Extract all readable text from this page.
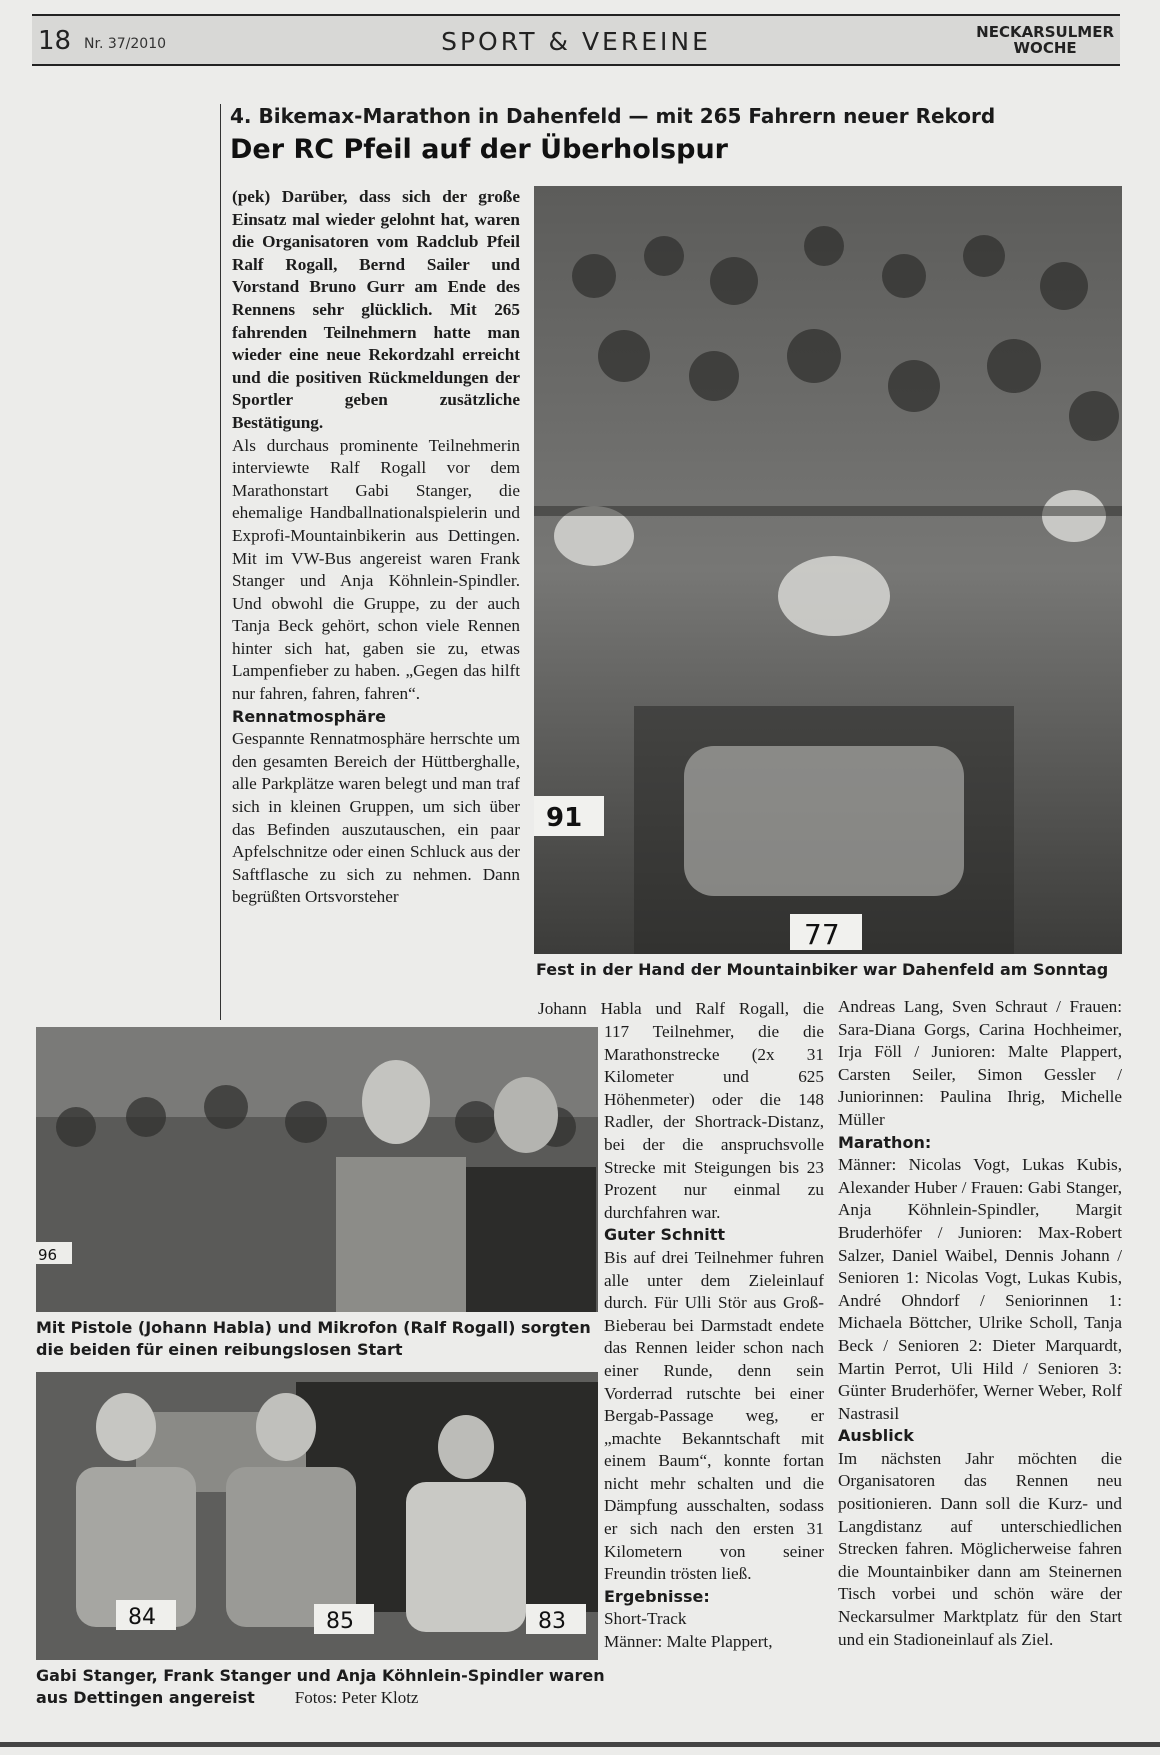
18 Nr. 37/2010	SPORT & VEREINE	NECKARSULMER
WOCHE
4. Bikemax-Marathon in Dahenfeld — mit 265 Fahrern neuer Rekord
Der RC Pfeil auf der Überholspur
(pek) Darüber, dass sich der große Einsatz mal wieder gelohnt hat, waren die Organisatoren vom Radclub Pfeil Ralf Rogall, Bernd Sailer und Vorstand Bruno Gurr am Ende des Rennens sehr glücklich. Mit 265 fahrenden Teilnehmern hatte man wieder eine neue Rekordzahl erreicht und die positiven Rückmeldungen der Sportler geben zusätzliche Bestätigung.
Als durchaus prominente Teilnehmerin interviewte Ralf Rogall vor dem Marathonstart Gabi Stanger, die ehemalige Handballnationalspielerin und Exprofi-Mountainbikerin aus Dettingen. Mit im VW-Bus angereist waren Frank Stanger und Anja Köhnlein-Spindler. Und obwohl die Gruppe, zu der auch Tanja Beck gehört, schon viele Rennen hinter sich hat, gaben sie zu, etwas Lampenfieber zu haben. „Gegen das hilft nur fahren, fahren, fahren“.
Rennatmosphäre
Gespannte Rennatmosphäre herrschte um den gesamten Bereich der Hüttberghalle, alle Parkplätze waren belegt und man traf sich in kleinen Gruppen, um sich über das Befinden auszutauschen, ein paar Apfelschnitze oder einen Schluck aus der Saftflasche zu sich zu nehmen. Dann begrüßten Ortsvorsteher
91
77
Fest in der Hand der Mountainbiker war Dahenfeld am Sonntag
96
Mit Pistole (Johann Habla) und Mikrofon (Ralf Rogall) sorgten die beiden für einen reibungslosen Start
84	85	83
Gabi Stanger, Frank Stanger und Anja Köhnlein-Spindler waren aus Dettingen angereist Fotos: Peter Klotz
Johann Habla und Ralf Rogall, die
117 Teilnehmer, die die Marathonstrecke (2x 31 Kilometer und 625 Höhenmeter) oder die 148 Radler, der Shortrack-Distanz, bei der die anspruchsvolle Strecke mit Steigungen bis 23 Prozent nur einmal zu durchfahren war.
Guter Schnitt
Bis auf drei Teilnehmer fuhren alle unter dem Zieleinlauf durch. Für Ulli Stör aus Groß-Bieberau bei Darmstadt endete das Rennen leider schon nach einer Runde, denn sein Vorderrad rutschte bei einer Bergab-Passage weg, er „machte Bekanntschaft mit einem Baum“, konnte fortan nicht mehr schalten und die Dämpfung ausschalten, sodass er sich nach den ersten 31 Kilometern von seiner Freundin trösten ließ.
Ergebnisse:
Short-Track
Männer: Malte Plappert,
Andreas Lang, Sven Schraut / Frauen: Sara-Diana Gorgs, Carina Hochheimer, Irja Föll / Junioren: Malte Plappert, Carsten Seiler, Simon Gessler / Juniorinnen: Paulina Ihrig, Michelle Müller
Marathon:
Männer: Nicolas Vogt, Lukas Kubis, Alexander Huber / Frauen: Gabi Stanger, Anja Köhnlein-Spindler, Margit Bruderhöfer / Junioren: Max-Robert Salzer, Daniel Waibel, Dennis Johann / Senioren 1: Nicolas Vogt, Lukas Kubis, André Ohndorf / Seniorinnen 1: Michaela Böttcher, Ulrike Scholl, Tanja Beck / Senioren 2: Dieter Marquardt, Martin Perrot, Uli Hild / Senioren 3: Günter Bruderhöfer, Werner Weber, Rolf Nastrasil
Ausblick
Im nächsten Jahr möchten die Organisatoren das Rennen neu positionieren. Dann soll die Kurz- und Langdistanz auf unterschiedlichen Strecken fahren. Möglicherweise fahren die Mountainbiker dann am Steinernen Tisch vorbei und schön wäre der Neckarsulmer Marktplatz für den Start und ein Stadioneinlauf als Ziel.
